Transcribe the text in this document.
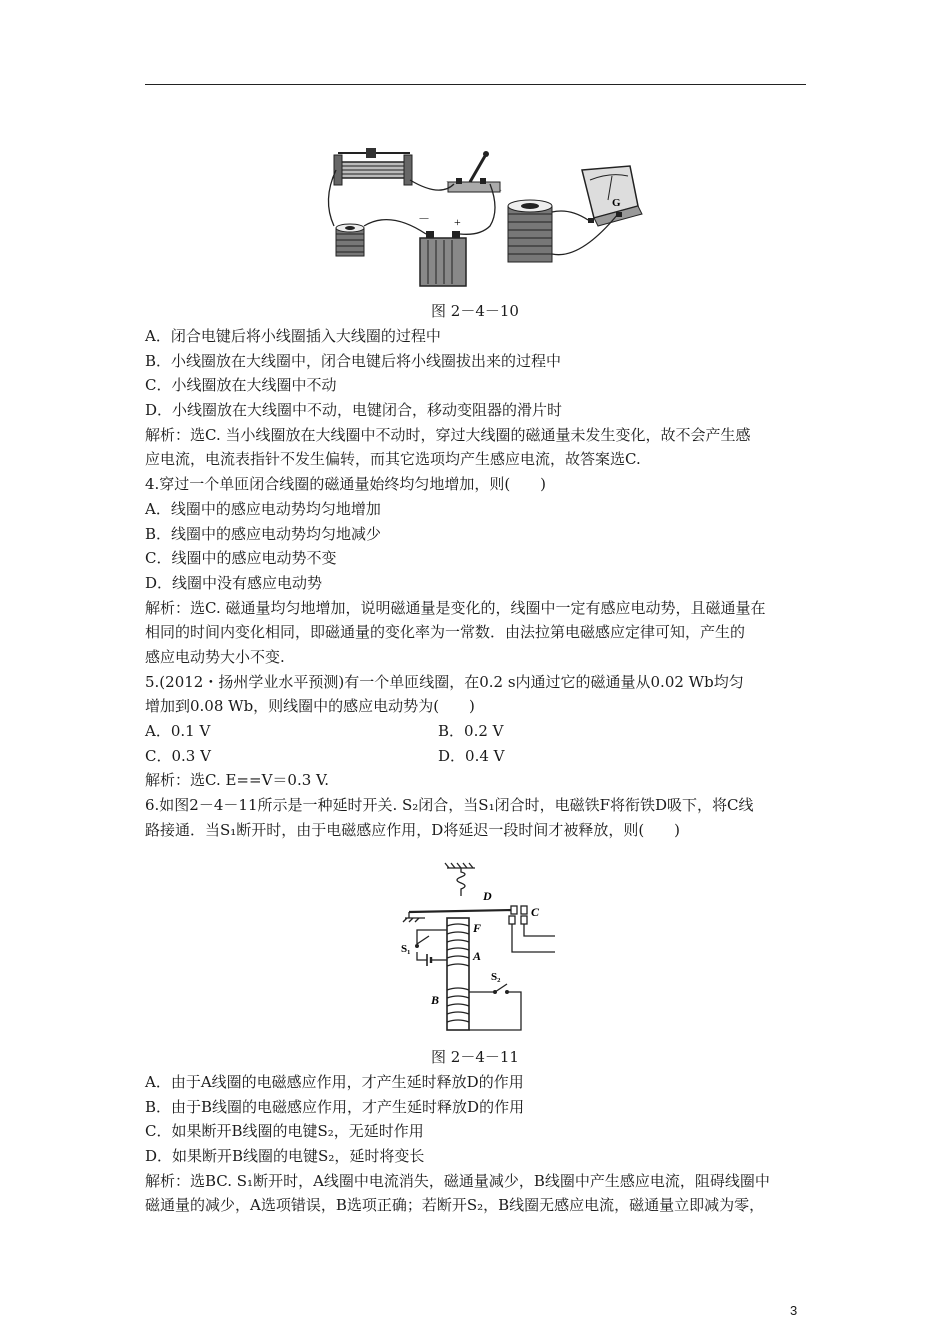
－ +
G
图 2－4－10
A．闭合电键后将小线圈插入大线圈的过程中
B．小线圈放在大线圈中，闭合电键后将小线圈拔出来的过程中
C．小线圈放在大线圈中不动
D．小线圈放在大线圈中不动，电键闭合，移动变阻器的滑片时
解析：选C. 当小线圈放在大线圈中不动时，穿过大线圈的磁通量未发生变化，故不会产生感
应电流，电流表指针不发生偏转，而其它选项均产生感应电流，故答案选C.
4.穿过一个单匝闭合线圈的磁通量始终均匀地增加，则(　　)
A．线圈中的感应电动势均匀地增加
B．线圈中的感应电动势均匀地减少
C．线圈中的感应电动势不变
D．线圈中没有感应电动势
解析：选C. 磁通量均匀地增加，说明磁通量是变化的，线圈中一定有感应电动势，且磁通量在
相同的时间内变化相同，即磁通量的变化率为一常数．由法拉第电磁感应定律可知，产生的
感应电动势大小不变.
5.(2012・扬州学业水平预测)有一个单匝线圈，在0.2 s内通过它的磁通量从0.02 Wb均匀
增加到0.08 Wb，则线圈中的感应电动势为(　　)
A．0.1 V	B．0.2 V
C．0.3 V	D．0.4 V
解析：选C. E==V＝0.3 V.
6.如图2－4－11所示是一种延时开关. S₂闭合，当S₁闭合时，电磁铁F将衔铁D吸下，将C线
路接通．当S₁断开时，由于电磁感应作用，D将延迟一段时间才被释放，则(　　)
D
C
F
A
B
S₁
S₂
图 2－4－11
A．由于A线圈的电磁感应作用，才产生延时释放D的作用
B．由于B线圈的电磁感应作用，才产生延时释放D的作用
C．如果断开B线圈的电键S₂，无延时作用
D．如果断开B线圈的电键S₂，延时将变长
解析：选BC. S₁断开时，A线圈中电流消失，磁通量减少，B线圈中产生感应电流，阻碍线圈中
磁通量的减少，A选项错误，B选项正确；若断开S₂，B线圈无感应电流，磁通量立即减为零，
3
